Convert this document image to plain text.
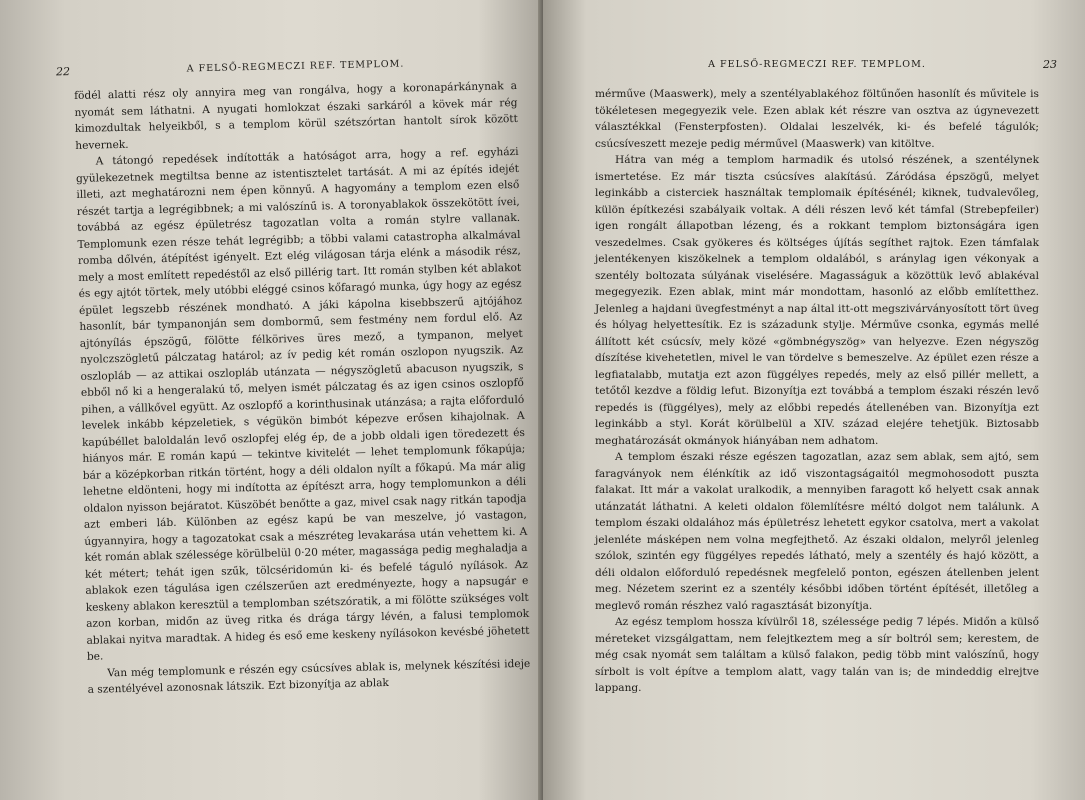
22	A FELSŐ-REGMECZI REF. TEMPLOM.

födél alatti rész oly annyira meg van rongálva, hogy a koronapárkánynak a nyomát sem láthatni. A nyugati homlokzat északi sarkáról a kövek már rég kimozdultak helyeikből, s a templom körül szétszórtan hantolt sírok között hevernek.

A tátongó repedések indították a hatóságot arra, hogy a ref. egyházi gyülekezetnek megtiltsa benne az istentisztelet tartását. A mi az építés idejét illeti, azt meghatározni nem épen könnyű. A hagyomány a templom ezen első részét tartja a legrégibbnek; a mi valószínű is. A toronyablakok összekötött ívei, továbbá az egész épületrész tagozatlan volta a román stylre vallanak. Templomunk ezen része tehát legrégibb; a többi valami catastropha alkalmával romba dőlvén, átépítést igényelt. Ezt elég világosan tárja elénk a második rész, mely a most említett repedéstől az első pillérig tart. Itt román stylben két ablakot és egy ajtót törtek, mely utóbbi eléggé csinos kőfaragó munka, úgy hogy az egész épület legszebb részének mondható. A jáki kápolna kisebbszerű ajtójához hasonlít, bár tympanonján sem dombormű, sem festmény nem fordul elő. Az ajtónyílás épszögű, fölötte félkörives üres mező, a tympanon, melyet nyolczszögletű pálczatag határol; az ív pedig két román oszlopon nyugszik. Az oszlopláb — az attikai oszlopláb utánzata — négyszögletű abacuson nyugszik, s ebből nő ki a hengeralakú tő, melyen ismét pálczatag és az igen csinos oszlopfő pihen, a vállkővel együtt. Az oszlopfő a korinthusinak utánzása; a rajta előforduló levelek inkább képzeletiek, s végükön bimbót képezve erősen kihajolnak. A kapúbéllet baloldalán levő oszlopfej elég ép, de a jobb oldali igen töredezett és hiányos már. E román kapú — tekintve kivitelét — lehet templomunk főkapúja; bár a középkorban ritkán történt, hogy a déli oldalon nyílt a főkapú. Ma már alig lehetne eldönteni, hogy mi indította az építészt arra, hogy templomunkon a déli oldalon nyisson bejáratot. Küszöbét benőtte a gaz, mivel csak nagy ritkán tapodja azt emberi láb. Különben az egész kapú be van meszelve, jó vastagon, úgyannyira, hogy a tagozatokat csak a mészréteg levakarása után vehettem ki. A két román ablak szélessége körülbelül 0·20 méter, magassága pedig meghaladja a két métert; tehát igen szűk, tölcséridomún ki- és befelé táguló nyílások. Az ablakok ezen tágulása igen czélszerűen azt eredményezte, hogy a napsugár e keskeny ablakon keresztül a templomban szétszóratik, a mi fölötte szükséges volt azon korban, midőn az üveg ritka és drága tárgy lévén, a falusi templomok ablakai nyitva maradtak. A hideg és eső eme keskeny nyílásokon kevésbé jöhetett be.

Van még templomunk e részén egy csúcsíves ablak is, melynek készítési ideje a szentélyével azonosnak látszik. Ezt bizonyítja az ablak

A FELSŐ-REGMECZI REF. TEMPLOM.	23

mérműve (Maaswerk), mely a szentélyablakéhoz föltűnően hasonlít és művitele is tökéletesen megegyezik vele. Ezen ablak két részre van osztva az úgynevezett választékkal (Fensterpfosten). Oldalai leszelvék, ki- és befelé tágulók; csúcsíveszett mezeje pedig mérművel (Maaswerk) van kitöltve.

Hátra van még a templom harmadik és utolsó részének, a szentélynek ismertetése. Ez már tiszta csúcsíves alakítású. Záródása épszögű, melyet leginkább a cisterciek használtak templomaik építésénél; kiknek, tudvalevőleg, külön építkezési szabályaik voltak. A déli részen levő két támfal (Strebepfeiler) igen rongált állapotban lézeng, és a rokkant templom biztonságára igen veszedelmes. Csak gyökeres és költséges újítás segíthet rajtok. Ezen támfalak jelentékenyen kiszökelnek a templom oldalából, s aránylag igen vékonyak a szentély boltozata súlyának viselésére. Magasságuk a közöttük levő ablakéval megegyezik. Ezen ablak, mint már mondottam, hasonló az előbb említetthez. Jelenleg a hajdani üvegfestményt a nap által itt-ott megszivárványosított tört üveg és hólyag helyettesítik. Ez is századunk stylje. Mérműve csonka, egymás mellé állított két csúcsív, mely közé «gömbnégyszög» van helyezve. Ezen négyszög díszítése kivehetetlen, mivel le van tördelve s bemeszelve. Az épület ezen része a legfiatalabb, mutatja ezt azon függélyes repedés, mely az első pillér mellett, a tetőtől kezdve a földig lefut. Bizonyítja ezt továbbá a templom északi részén levő repedés is (függélyes), mely az előbbi repedés átellenében van. Bizonyítja ezt leginkább a styl. Korát körülbelül a XIV. század elejére tehetjük. Biztosabb meghatározását okmányok hiányában nem adhatom.

A templom északi része egészen tagozatlan, azaz sem ablak, sem ajtó, sem faragványok nem élénkítik az idő viszontagságaitól megmohosodott puszta falakat. Itt már a vakolat uralkodik, a mennyiben faragott kő helyett csak annak utánzatát láthatni. A keleti oldalon fölemlítésre méltó dolgot nem találunk. A templom északi oldalához más épületrész lehetett egykor csatolva, mert a vakolat jelenléte másképen nem volna megfejthető. Az északi oldalon, melyről jelenleg szólok, szintén egy függélyes repedés látható, mely a szentély és hajó között, a déli oldalon előforduló repedésnek megfelelő ponton, egészen átellenben jelent meg. Nézetem szerint ez a szentély későbbi időben történt építését, illetőleg a meglevő román részhez való ragasztását bizonyítja.

Az egész templom hossza kívülről 18, szélessége pedig 7 lépés. Midőn a külső méreteket vizsgálgattam, nem felejtkeztem meg a sír boltról sem; kerestem, de még csak nyomát sem találtam a külső falakon, pedig több mint valószínű, hogy sírbolt is volt építve a templom alatt, vagy talán van is; de mindeddig elrejtve lappang.
